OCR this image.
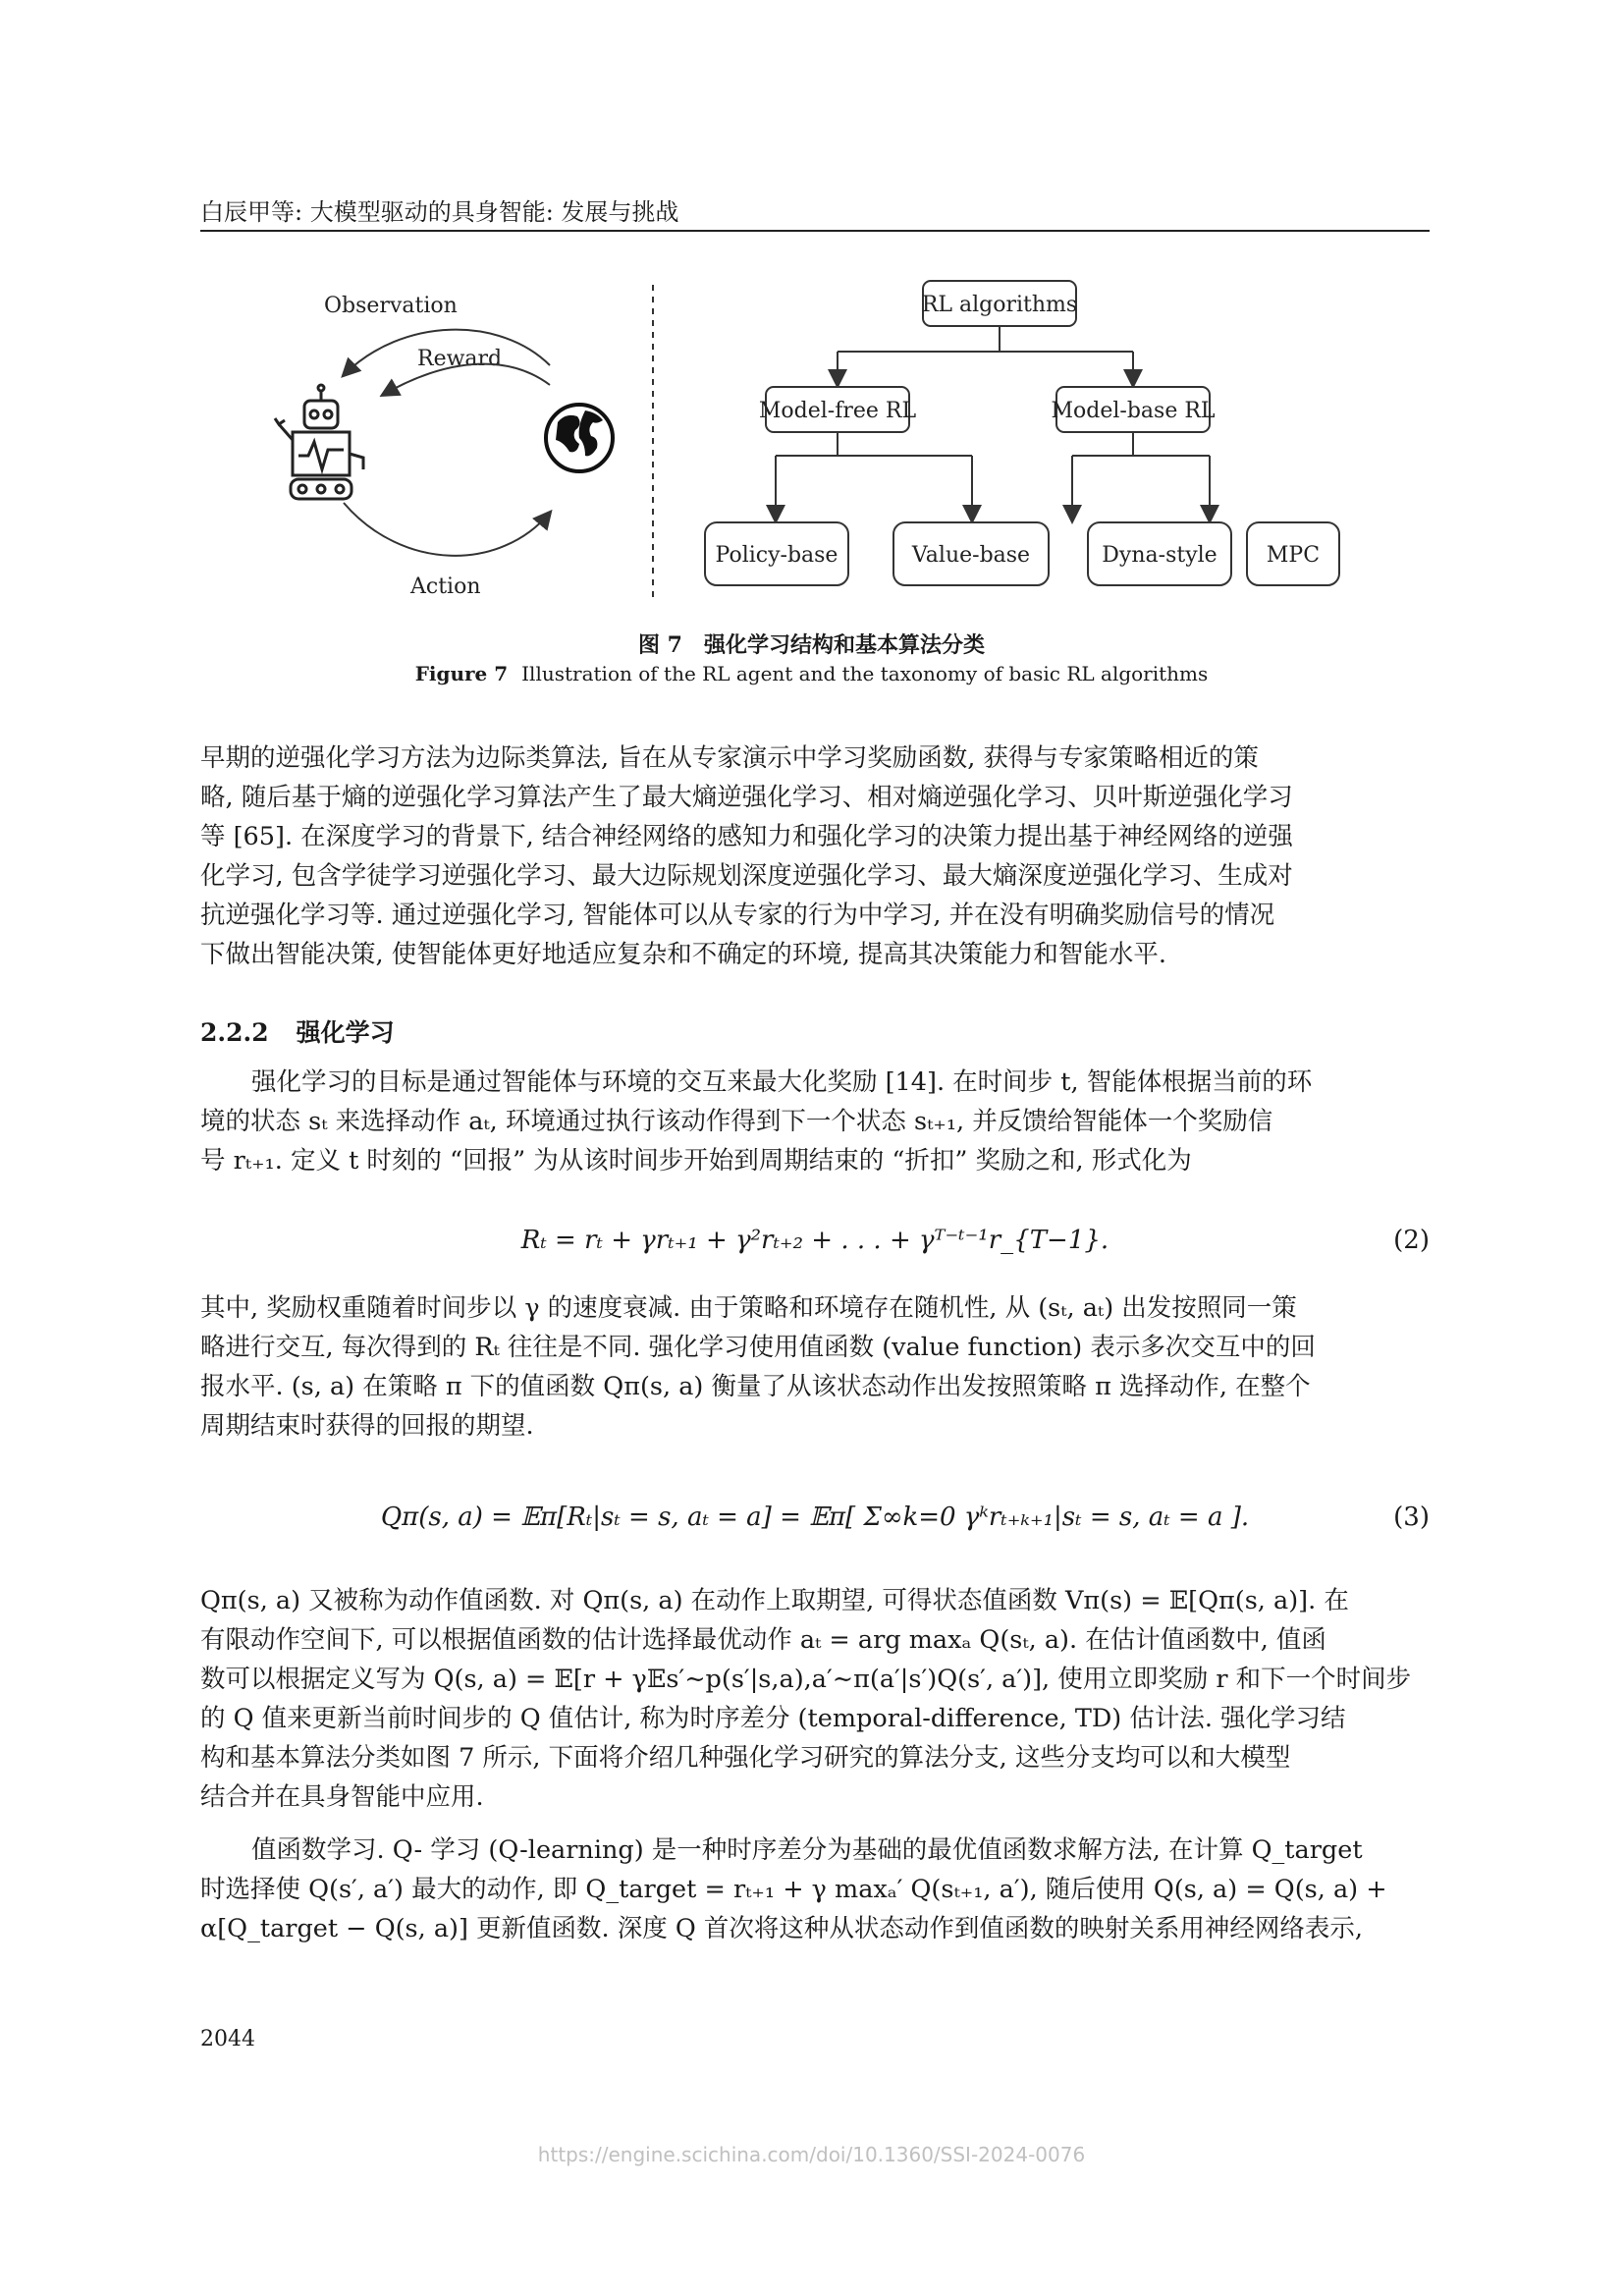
白辰甲等: 大模型驱动的具身智能: 发展与挑战
Observation
Reward
Action
RL algorithms
Model-free RL	Model-base RL
Policy-base	Value-base	Dyna-style MPC
图 7　强化学习结构和基本算法分类
Figure 7 Illustration of the RL agent and the taxonomy of basic RL algorithms
早期的逆强化学习方法为边际类算法, 旨在从专家演示中学习奖励函数, 获得与专家策略相近的策
略, 随后基于熵的逆强化学习算法产生了最大熵逆强化学习、相对熵逆强化学习、贝叶斯逆强化学习
等 [65]. 在深度学习的背景下, 结合神经网络的感知力和强化学习的决策力提出基于神经网络的逆强
化学习, 包含学徒学习逆强化学习、最大边际规划深度逆强化学习、最大熵深度逆强化学习、生成对
抗逆强化学习等. 通过逆强化学习, 智能体可以从专家的行为中学习, 并在没有明确奖励信号的情况
下做出智能决策, 使智能体更好地适应复杂和不确定的环境, 提高其决策能力和智能水平.
2.2.2 强化学习
强化学习的目标是通过智能体与环境的交互来最大化奖励 [14]. 在时间步 t, 智能体根据当前的环
境的状态 sₜ 来选择动作 aₜ, 环境通过执行该动作得到下一个状态 sₜ₊₁, 并反馈给智能体一个奖励信
号 rₜ₊₁. 定义 t 时刻的 “回报” 为从该时间步开始到周期结束的 “折扣” 奖励之和, 形式化为
Rₜ = rₜ + γrₜ₊₁ + γ²rₜ₊₂ + . . . + γᵀ⁻ᵗ⁻¹r_{T−1}.	(2)
其中, 奖励权重随着时间步以 γ 的速度衰减. 由于策略和环境存在随机性, 从 (sₜ, aₜ) 出发按照同一策
略进行交互, 每次得到的 Rₜ 往往是不同. 强化学习使用值函数 (value function) 表示多次交互中的回
报水平. (s, a) 在策略 π 下的值函数 Qπ(s, a) 衡量了从该状态动作出发按照策略 π 选择动作, 在整个
周期结束时获得的回报的期望.
Qπ(s, a) = 𝔼π[Rₜ|sₜ = s, aₜ = a] = 𝔼π[ Σ∞k=0 γᵏrₜ₊ₖ₊₁|sₜ = s, aₜ = a ].	(3)
Qπ(s, a) 又被称为动作值函数. 对 Qπ(s, a) 在动作上取期望, 可得状态值函数 Vπ(s) = 𝔼[Qπ(s, a)]. 在
有限动作空间下, 可以根据值函数的估计选择最优动作 aₜ = arg maxₐ Q(sₜ, a). 在估计值函数中, 值函
数可以根据定义写为 Q(s, a) = 𝔼[r + γ𝔼s′∼p(s′|s,a),a′∼π(a′|s′)Q(s′, a′)], 使用立即奖励 r 和下一个时间步
的 Q 值来更新当前时间步的 Q 值估计, 称为时序差分 (temporal-difference, TD) 估计法. 强化学习结
构和基本算法分类如图 7 所示, 下面将介绍几种强化学习研究的算法分支, 这些分支均可以和大模型
结合并在具身智能中应用.
值函数学习. Q- 学习 (Q-learning) 是一种时序差分为基础的最优值函数求解方法, 在计算 Q_target
时选择使 Q(s′, a′) 最大的动作, 即 Q_target = rₜ₊₁ + γ maxₐ′ Q(sₜ₊₁, a′), 随后使用 Q(s, a) = Q(s, a) +
α[Q_target − Q(s, a)] 更新值函数. 深度 Q 首次将这种从状态动作到值函数的映射关系用神经网络表示,
2044
https://engine.scichina.com/doi/10.1360/SSI-2024-0076
